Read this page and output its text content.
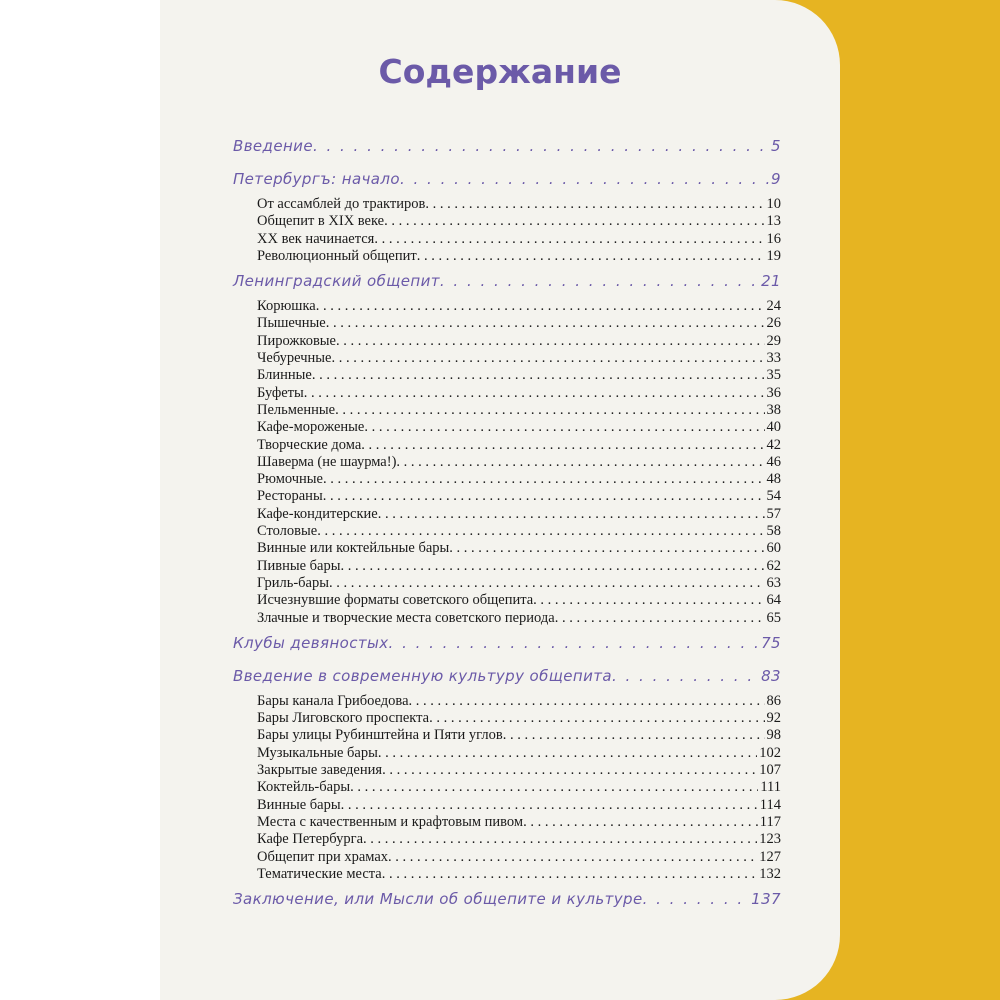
Содержание
Введение . . .	5
Петербургъ: начало . . .	9
От ассамблей до трактиров . . .	10
Общепит в XIX веке . . .	13
XX век начинается . . .	16
Революционный общепит . . .	19
Ленинградский общепит . . .	21
Корюшка . . .	24
Пышечные . . .	26
Пирожковые . . .	29
Чебуречные . . .	33
Блинные . . .	35
Буфеты . . .	36
Пельменные . . .	38
Кафе-мороженые . . .	40
Творческие дома . . .	42
Шаверма (не шаурма!) . . .	46
Рюмочные . . .	48
Рестораны . . .	54
Кафе-кондитерские . . .	57
Столовые . . .	58
Винные или коктейльные бары . . .	60
Пивные бары . . .	62
Гриль-бары . . .	63
Исчезнувшие форматы советского общепита . . .	64
Злачные и творческие места советского периода . . .	65
Клубы девяностых . . .	75
Введение в современную культуру общепита . . .	83
Бары канала Грибоедова . . .	86
Бары Лиговского проспекта . . .	92
Бары улицы Рубинштейна и Пяти углов . . .	98
Музыкальные бары . . .	102
Закрытые заведения . . .	107
Коктейль-бары . . .	111
Винные бары . . .	114
Места с качественным и крафтовым пивом . . .	117
Кафе Петербурга . . .	123
Общепит при храмах . . .	127
Тематические места . . .	132
Заключение, или Мысли об общепите и культуре . . .	137
